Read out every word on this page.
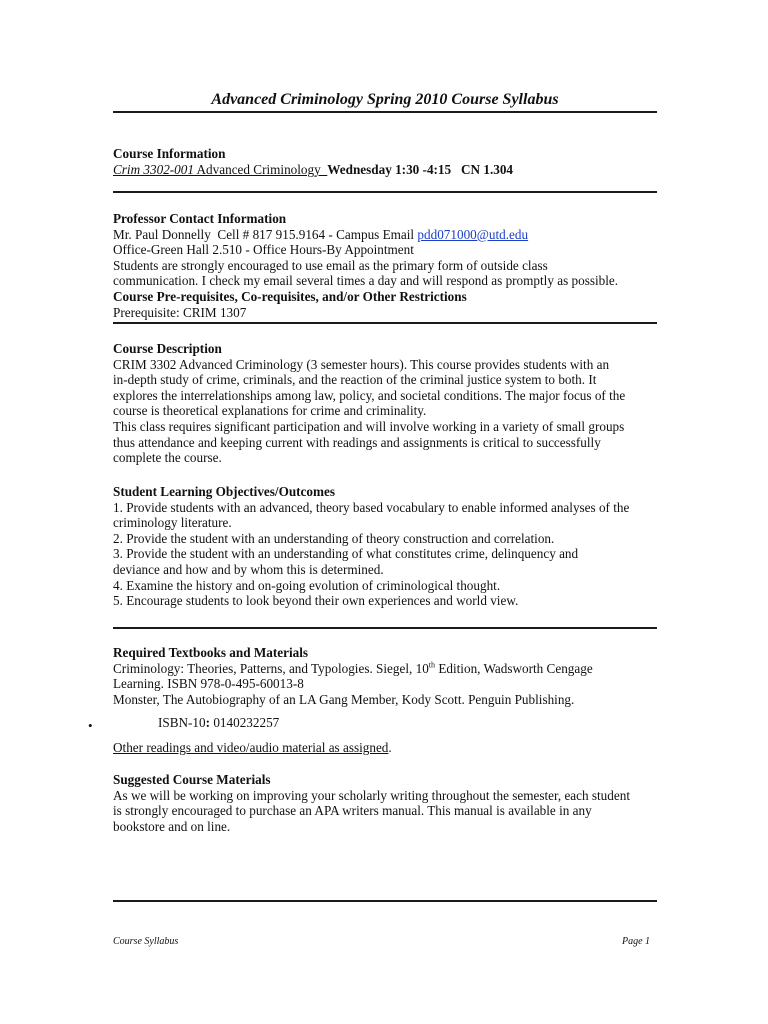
Advanced Criminology Spring 2010 Course Syllabus
Course Information
Crim 3302-001 Advanced Criminology  Wednesday 1:30 -4:15   CN 1.304
Professor Contact Information
Mr. Paul Donnelly  Cell # 817 915.9164 - Campus Email pdd071000@utd.edu
Office-Green Hall 2.510 - Office Hours-By Appointment
Students are strongly encouraged to use email as the primary form of outside class
communication. I check my email several times a day and will respond as promptly as possible.
Course Pre-requisites, Co-requisites, and/or Other Restrictions
Prerequisite: CRIM 1307
Course Description
CRIM 3302 Advanced Criminology (3 semester hours). This course provides students with an
in-depth study of crime, criminals, and the reaction of the criminal justice system to both. It
explores the interrelationships among law, policy, and societal conditions. The major focus of the
course is theoretical explanations for crime and criminality.
This class requires significant participation and will involve working in a variety of small groups
thus attendance and keeping current with readings and assignments is critical to successfully
complete the course.
Student Learning Objectives/Outcomes
1. Provide students with an advanced, theory based vocabulary to enable informed analyses of the
criminology literature.
2. Provide the student with an understanding of theory construction and correlation.
3. Provide the student with an understanding of what constitutes crime, delinquency and
deviance and how and by whom this is determined.
4. Examine the history and on-going evolution of criminological thought.
5. Encourage students to look beyond their own experiences and world view.
Required Textbooks and Materials
Criminology: Theories, Patterns, and Typologies. Siegel, 10th Edition, Wadsworth Cengage
Learning. ISBN 978-0-495-60013-8
Monster, The Autobiography of an LA Gang Member, Kody Scott. Penguin Publishing.
•	ISBN-10: 0140232257
Other readings and video/audio material as assigned.
Suggested Course Materials
As we will be working on improving your scholarly writing throughout the semester, each student
is strongly encouraged to purchase an APA writers manual. This manual is available in any
bookstore and on line.
Course Syllabus	Page 1
